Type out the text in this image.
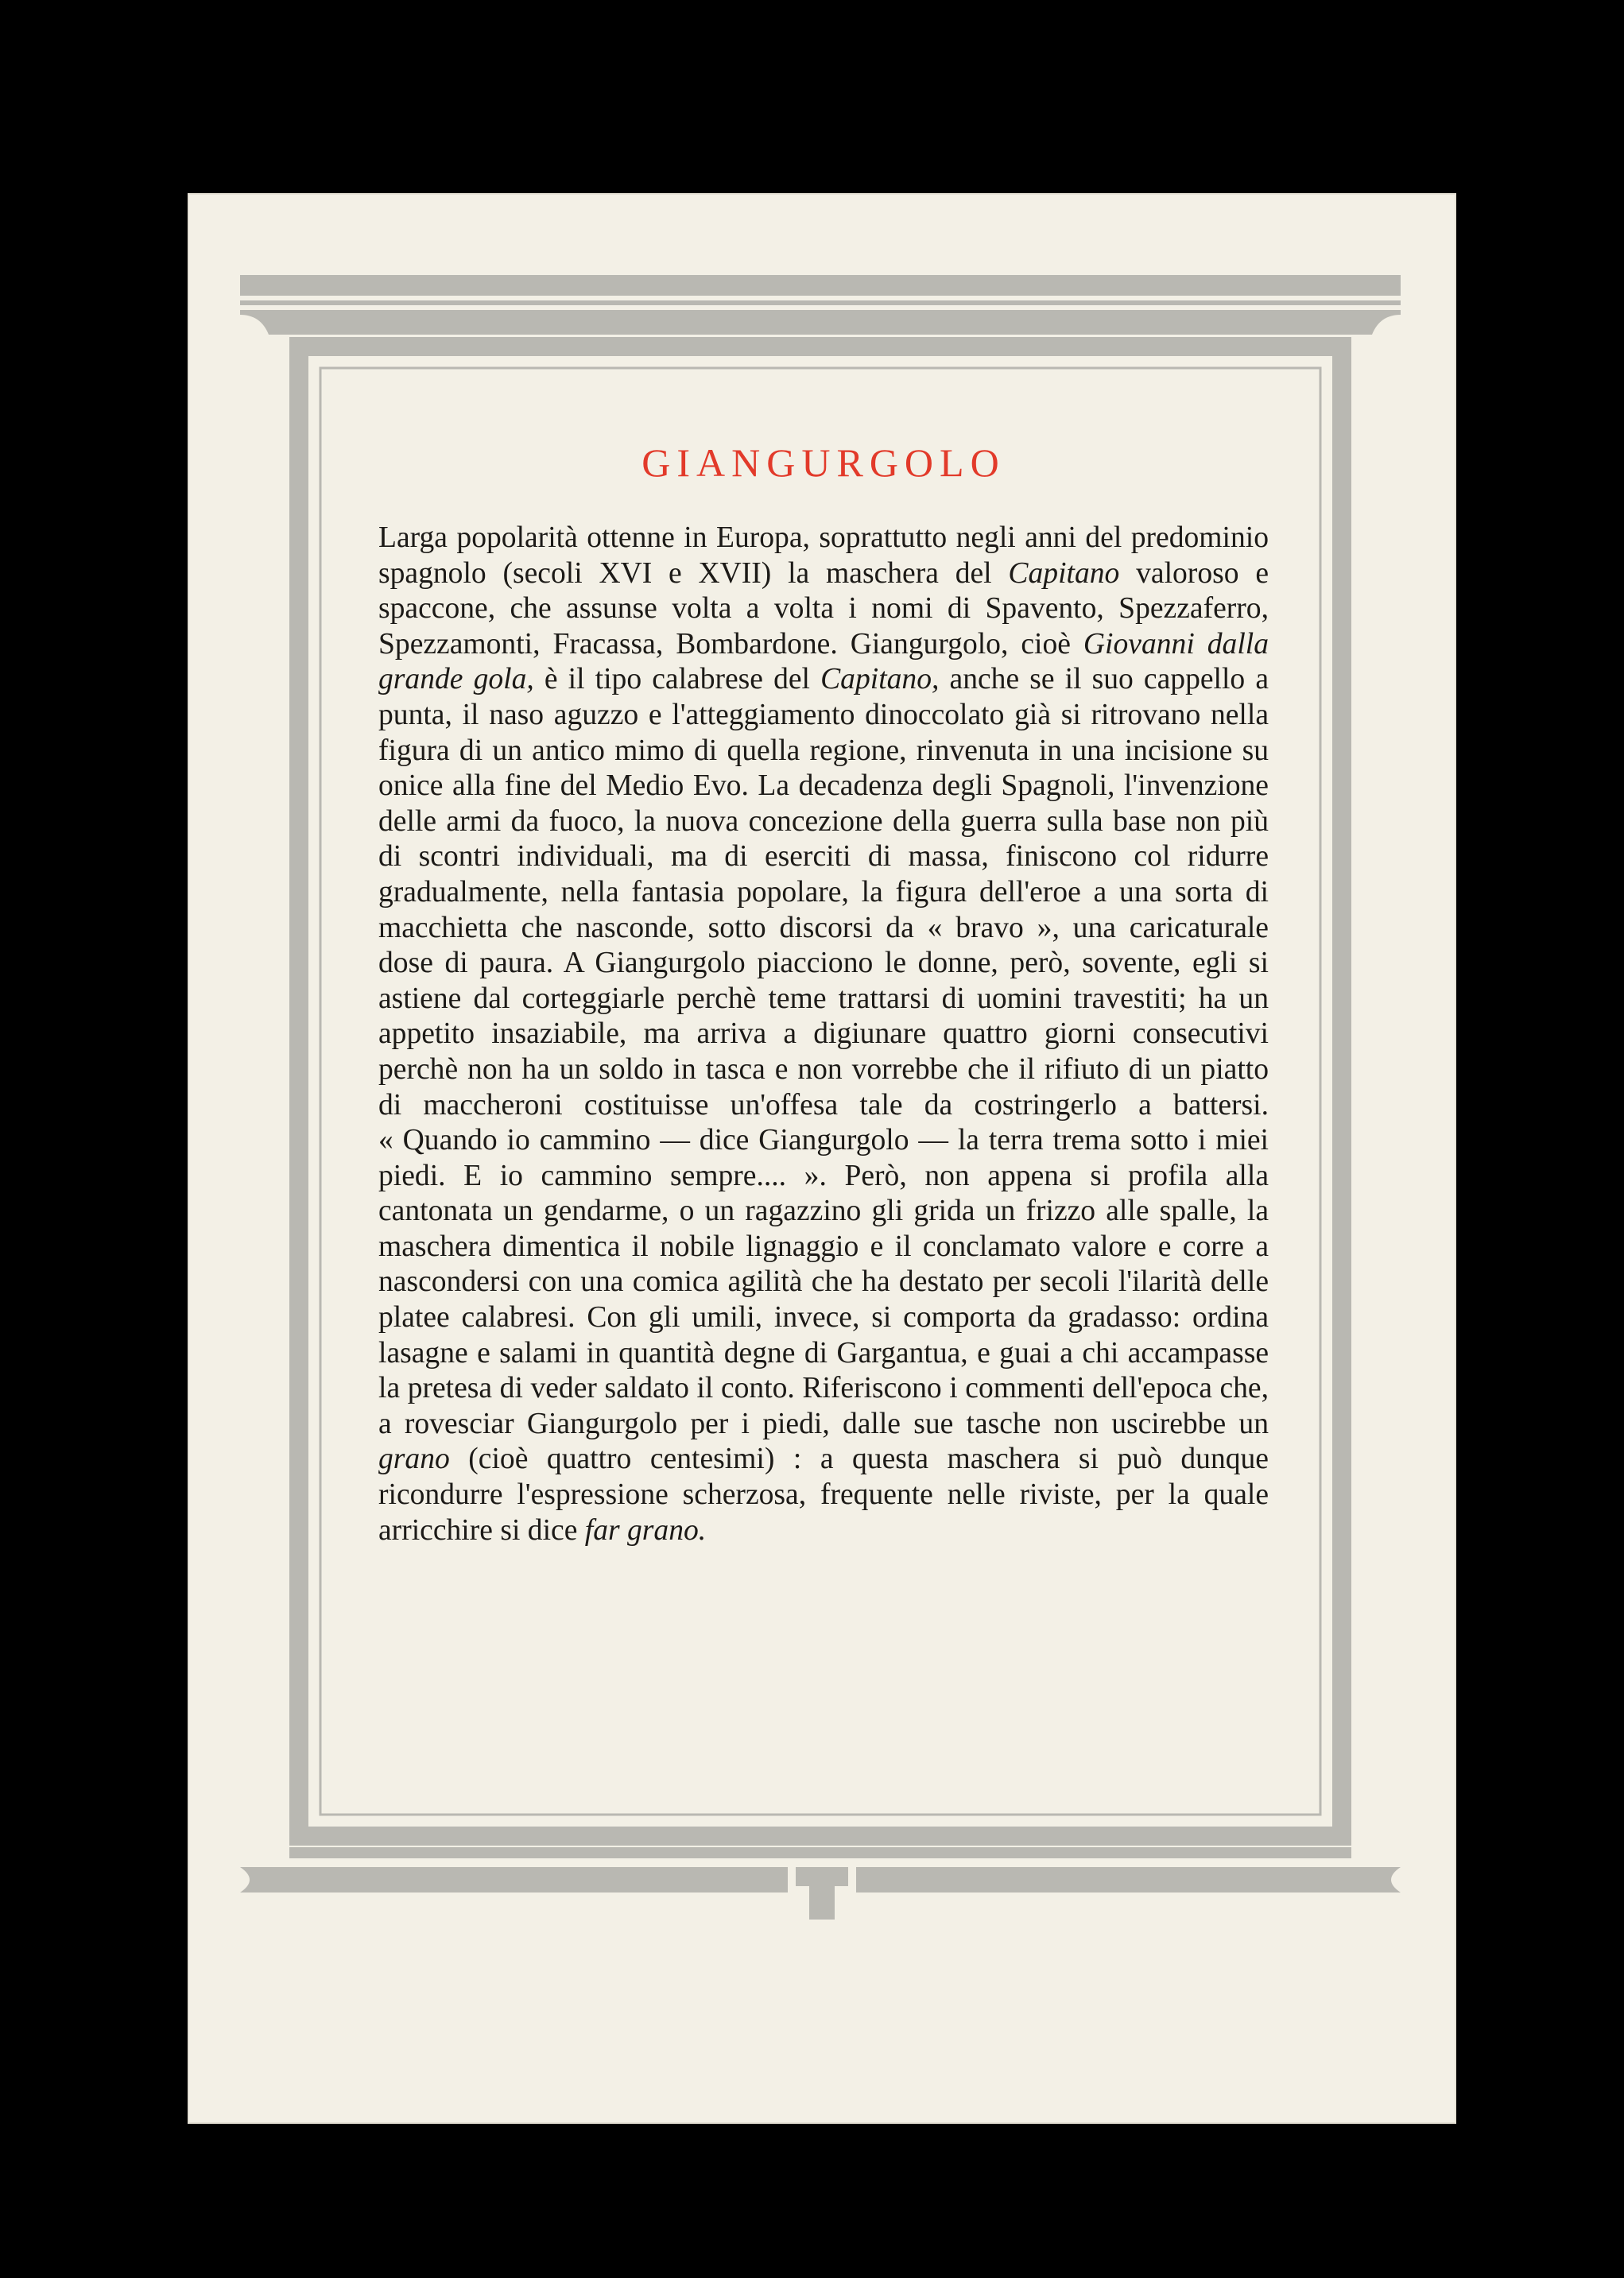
GIANGURGOLO

Larga popolarità ottenne in Europa, soprattutto negli anni del predominio spagnolo (secoli XVI e XVII) la maschera del Capitano valoroso e spaccone, che assunse volta a volta i nomi di Spavento, Spezzaferro, Spezzamonti, Fracassa, Bombardone. Giangurgolo, cioè Giovanni dalla grande gola, è il tipo calabrese del Capitano, anche se il suo cappello a punta, il naso aguzzo e l'atteggiamento dinoccolato già si ritrovano nella figura di un antico mimo di quella regione, rinvenuta in una incisione su onice alla fine del Medio Evo. La decadenza degli Spagnoli, l'invenzione delle armi da fuoco, la nuova concezione della guerra sulla base non più di scontri individuali, ma di eserciti di massa, finiscono col ridurre gradualmente, nella fantasia popolare, la figura dell'eroe a una sorta di macchietta che nasconde, sotto discorsi da « bravo », una caricaturale dose di paura. A Giangurgolo piacciono le donne, però, sovente, egli si astiene dal corteggiarle perchè teme trattarsi di uomini travestiti; ha un appetito insaziabile, ma arriva a digiunare quattro giorni consecutivi perchè non ha un soldo in tasca e non vorrebbe che il rifiuto di un piatto di maccheroni costituisse un'offesa tale da costringerlo a battersi.

« Quando io cammino — dice Giangurgolo — la terra trema sotto i miei piedi. E io cammino sempre.... ». Però, non appena si profila alla cantonata un gendarme, o un ragazzino gli grida un frizzo alle spalle, la maschera dimentica il nobile lignaggio e il conclamato valore e corre a nascondersi con una comica agilità che ha destato per secoli l'ilarità delle platee calabresi. Con gli umili, invece, si comporta da gradasso: ordina lasagne e salami in quantità degne di Gargantua, e guai a chi accampasse la pretesa di veder saldato il conto. Riferiscono i commenti dell'epoca che, a rovesciar Giangurgolo per i piedi, dalle sue tasche non uscirebbe un grano (cioè quattro centesimi) : a questa maschera si può dunque ricondurre l'espressione scherzosa, frequente nelle riviste, per la quale arricchire si dice far grano.
